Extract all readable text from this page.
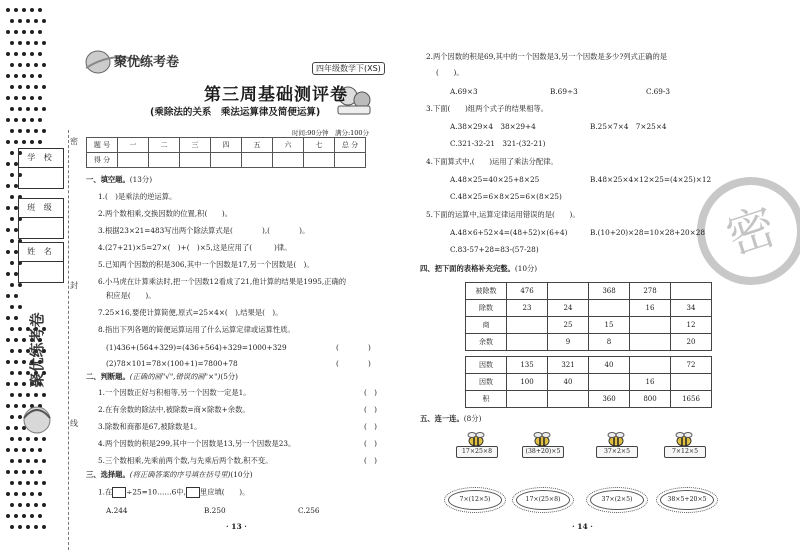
学 校
班 级
姓 名
密
封
线
聚优练考卷
聚优练考卷	四年级数学下(XS)
第三周基础测评卷
(乘除法的关系　乘法运算律及简便运算)
时间:90分钟　满分:100分
题 号	一	二	三	四	五	六	七	总 分
得 分								
一、填空题。(13分)
1.(　)是乘法的逆运算。
2.两个数相乘,交换因数的位置,积(　　)。
3.根据23×21=483写出两个除法算式是(　　　　),(　　　　)。
4.(27+21)×5=27×(　)+(　)×5,这是应用了(　　　)律。
5.已知两个因数的积是306,其中一个因数是17,另一个因数是(　)。
6.小马虎在计算乘法时,把一个因数12看成了21,他计算的结果是1995,正确的
积应是(　　)。
7.25×16,要使计算简便,原式=25×4×(　),结果是(　)。
8.指出下列各题的简便运算运用了什么运算定律或运算性质。
(1)436+(564+329)=(436+564)+329=1000+329	(　　　　)
(2)78×101=78×(100+1)=7800+78	(　　　　)
二、判断题。(正确的画"√",错误的画"×")(5分)
1.一个因数正好与积相等,另一个因数一定是1。	(　)
2.在有余数的除法中,被除数=商×除数+余数。	(　)
3.除数和商都是67,被除数是1。	(　)
4.两个因数的积是299,其中一个因数是13,另一个因数是23。	(　)
5.三个数相乘,先乘前两个数,与先乘后两个数,积不变。	(　)
三、选择题。(将正确答案的序号填在括号里)(10分)
1.在 ÷25=10……6中, 里应填(　　)。
A.244	B.250	C.256
· 13 ·
密
2.两个因数的积是69,其中的一个因数是3,另一个因数是多少?列式正确的是
(　　)。
A.69×3	B.69÷3	C.69-3
3.下面(　　)组两个式子的结果相等。
A.38×29×4　38×29+4	B.25×7×4　7×25×4
C.321-32-21　321-(32-21)
4.下面算式中,(　　)运用了乘法分配律。
A.48×25=40×25+8×25	B.48×25×4×12×25=(4×25)×12
C.48×25=6×8×25=6×(8×25)
5.下面的运算中,运算定律运用错误的是(　　)。
A.48×6+52×4=(48+52)×(6+4)	B.(10+20)×28=10×28+20×28
C.83-57+28=83-(57-28)
四、把下面的表格补充完整。(10分)
被除数	476		368	278	
除数	23	24		16	34
商		25	15		12
余数		9	8		20
因数	135	321	40		72
因数	100	40		16	
积			360	800	1656
五、连一连。(8分)
17×25×8	(38+20)×5	37×2×5	7×12×5
7×(12×5)	17×(25×8)	37×(2×5)	38×5+20×5
· 14 ·
